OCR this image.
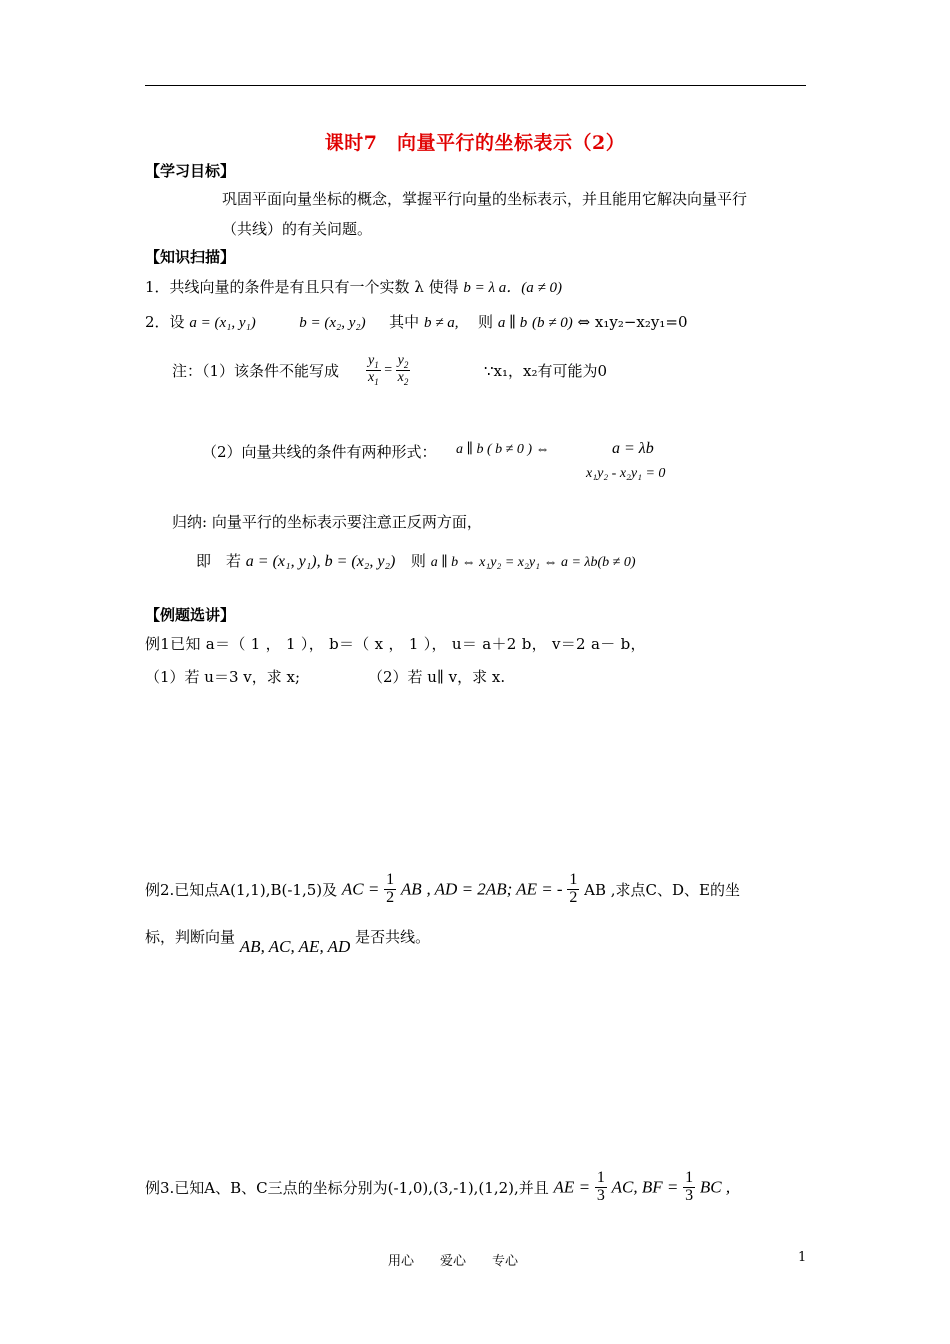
课时7　向量平行的坐标表示（2）
【学习目标】
巩固平面向量坐标的概念，掌握平行向量的坐标表示，并且能用它解决向量平行
（共线）的有关问题。
【知识扫描】
1．共线向量的条件是有且只有一个实数 λ 使得 b = λ a．(a ≠ 0)
2．设 a = (x₁, y₁)	b = (x₂, y₂) 其中 b ≠ a, 则 a ∥ b (b ≠ 0) ⇔ x₁y₂−x₂y₁=0
注：（1）该条件不能写成 $\frac{y_1}{x_1} = \frac{y_2}{x_2}$	∵x₁，x₂有可能为0
（2）向量共线的条件有两种形式： a ∥ b ( b ≠ 0 ) ⇔	a = λb
x₁y₂ - x₂y₁ = 0
归纳: 向量平行的坐标表示要注意正反两方面，
即　若 a = (x₁, y₁), b = (x₂, y₂) 则 a ∥ b ⇔ x₁y₂ = x₂y₁ ⇔ a = λb(b ≠ 0)
【例题选讲】
例1已知 a＝（ 1 ， 1 ）， b＝（ x ， 1 ）， u＝ a＋2 b， v＝2 a－ b，
（1）若 u＝3 v，求 x;	（2）若 u∥ v，求 x.
例2.已知点A(1,1),B(-1,5)及 AC = $\frac{1}{2}$ AB , AD = 2AB; AE = - $\frac{1}{2}$ AB ,求点C、D、E的坐
标，判断向量 AB, AC, AE, AD 是否共线。
例3.已知A、B、C三点的坐标分别为(-1,0),(3,-1),(1,2),并且 AE = $\frac{1}{3}$ AC, BF = $\frac{1}{3}$ BC ,
用心　　爱心　　专心	1
